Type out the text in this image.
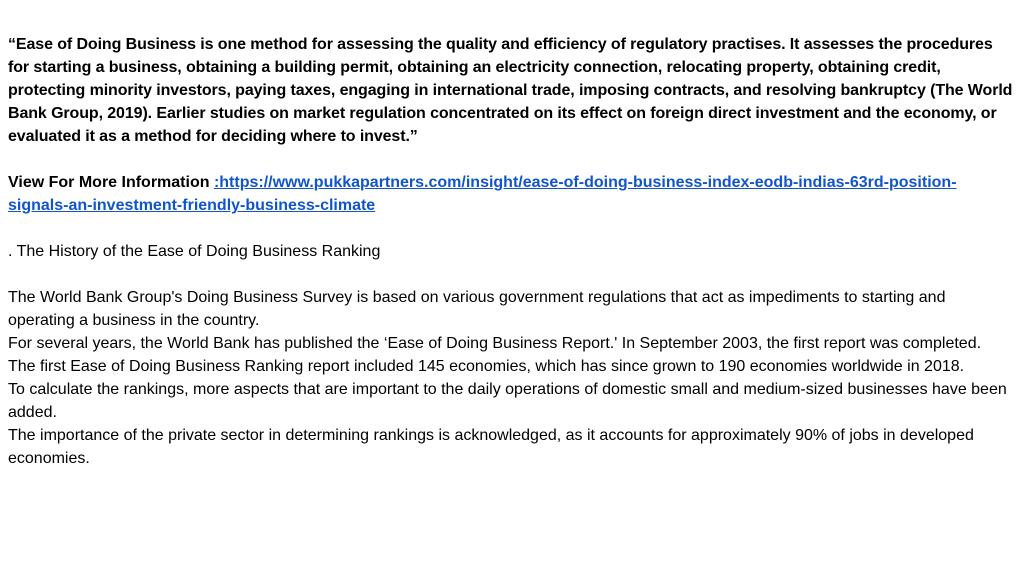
“Ease of Doing Business is one method for assessing the quality and efficiency of regulatory practises. It assesses the procedures for starting a business, obtaining a building permit, obtaining an electricity connection, relocating property, obtaining credit, protecting minority investors, paying taxes, engaging in international trade, imposing contracts, and resolving bankruptcy (The World Bank Group, 2019). Earlier studies on market regulation concentrated on its effect on foreign direct investment and the economy, or evaluated it as a method for deciding where to invest.”

View For More Information :https://www.pukkapartners.com/insight/ease-of-doing-business-index-eodb-indias-63rd-position-signals-an-investment-friendly-business-climate

. The History of the Ease of Doing Business Ranking

The World Bank Group's Doing Business Survey is based on various government regulations that act as impediments to starting and operating a business in the country.

For several years, the World Bank has published the ‘Ease of Doing Business Report.' In September 2003, the first report was completed.

The first Ease of Doing Business Ranking report included 145 economies, which has since grown to 190 economies worldwide in 2018.

To calculate the rankings, more aspects that are important to the daily operations of domestic small and medium-sized businesses have been added.

The importance of the private sector in determining rankings is acknowledged, as it accounts for approximately 90% of jobs in developed economies.
